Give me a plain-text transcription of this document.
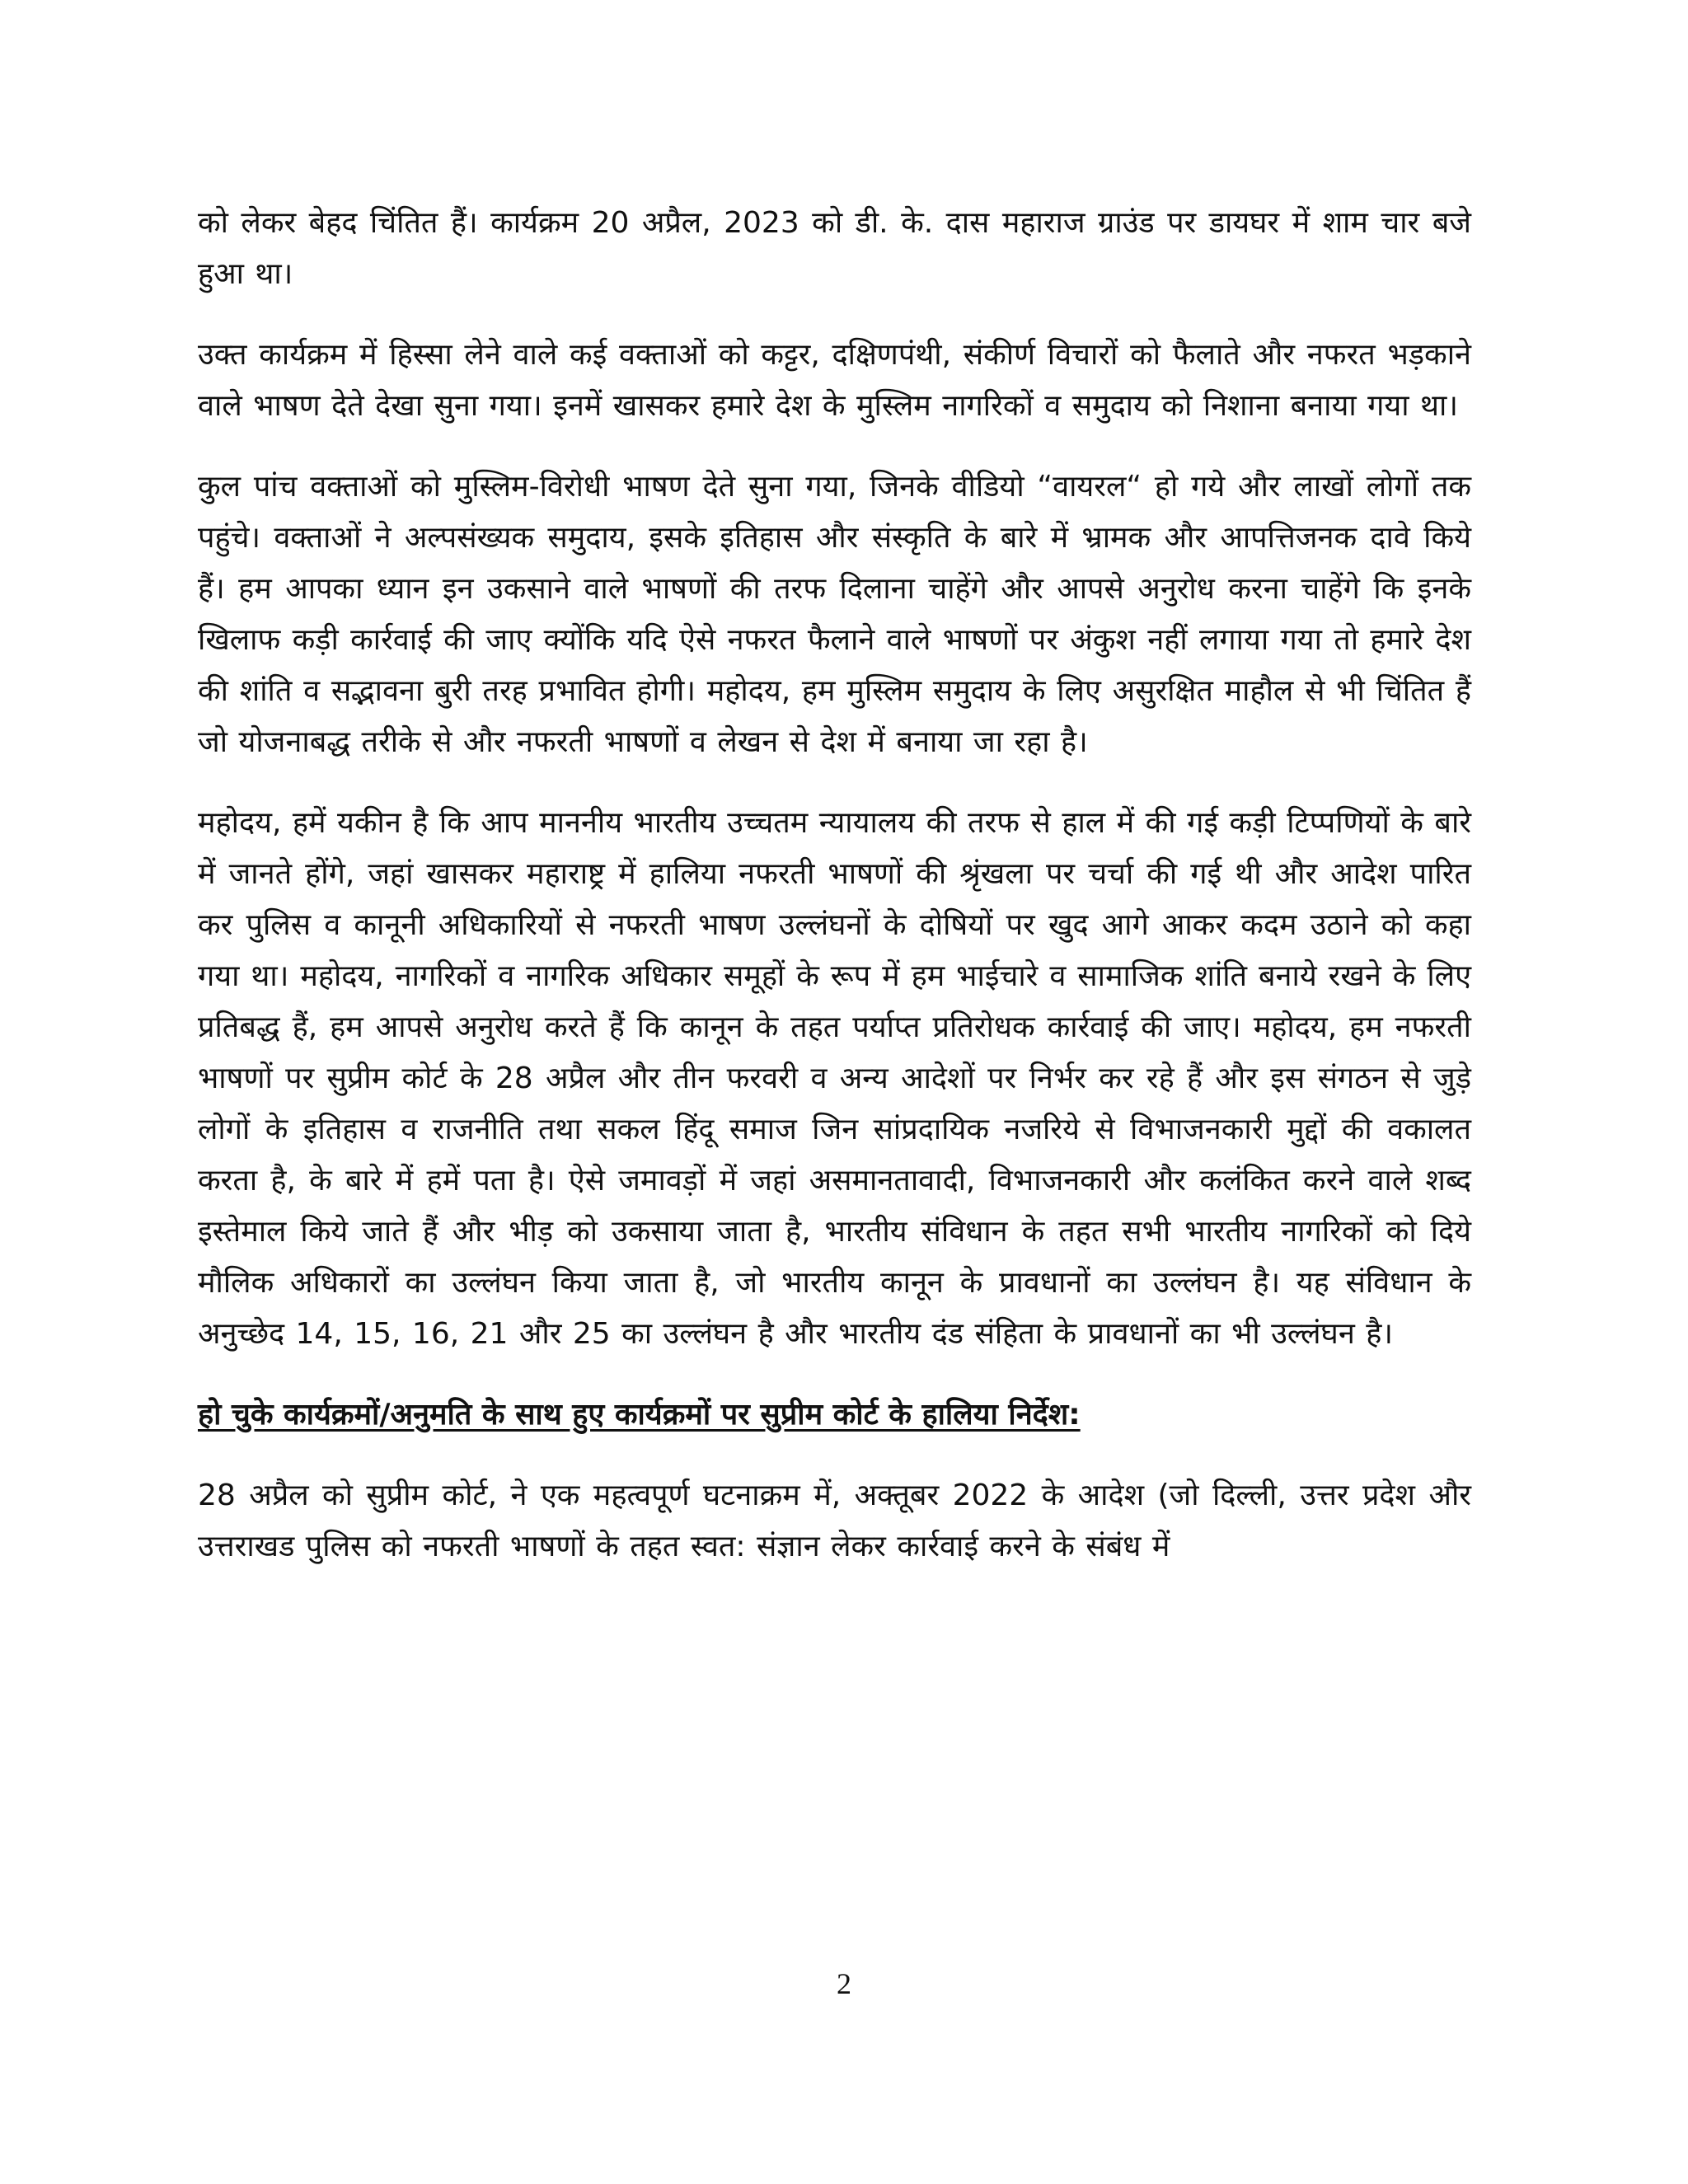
को लेकर बेहद चिंतित हैं। कार्यक्रम 20 अप्रैल, 2023 को डी. के. दास महाराज ग्राउंड पर डायघर में शाम चार बजे हुआ था।

उक्त कार्यक्रम में हिस्सा लेने वाले कई वक्ताओं को कट्टर, दक्षिणपंथी, संकीर्ण विचारों को फैलाते और नफरत भड़काने वाले भाषण देते देखा सुना गया। इनमें खासकर हमारे देश के मुस्लिम नागरिकों व समुदाय को निशाना बनाया गया था।

कुल पांच वक्ताओं को मुस्लिम-विरोधी भाषण देते सुना गया, जिनके वीडियो “वायरल“ हो गये और लाखों लोगों तक पहुंचे। वक्ताओं ने अल्पसंख्यक समुदाय, इसके इतिहास और संस्कृति के बारे में भ्रामक और आपत्तिजनक दावे किये हैं। हम आपका ध्यान इन उकसाने वाले भाषणों की तरफ दिलाना चाहेंगे और आपसे अनुरोध करना चाहेंगे कि इनके खिलाफ कड़ी कार्रवाई की जाए क्योंकि यदि ऐसे नफरत फैलाने वाले भाषणों पर अंकुश नहीं लगाया गया तो हमारे देश की शांति व सद्भावना बुरी तरह प्रभावित होगी। महोदय, हम मुस्लिम समुदाय के लिए असुरक्षित माहौल से भी चिंतित हैं जो योजनाबद्ध तरीके से और नफरती भाषणों व लेखन से देश में बनाया जा रहा है।

महोदय, हमें यकीन है कि आप माननीय भारतीय उच्चतम न्यायालय की तरफ से हाल में की गई कड़ी टिप्पणियों के बारे में जानते होंगे, जहां खासकर महाराष्ट्र में हालिया नफरती भाषणों की श्रृंखला पर चर्चा की गई थी और आदेश पारित कर पुलिस व कानूनी अधिकारियों से नफरती भाषण उल्लंघनों के दोषियों पर खुद आगे आकर कदम उठाने को कहा गया था। महोदय, नागरिकों व नागरिक अधिकार समूहों के रूप में हम भाईचारे व सामाजिक शांति बनाये रखने के लिए प्रतिबद्ध हैं, हम आपसे अनुरोध करते हैं कि कानून के तहत पर्याप्त प्रतिरोधक कार्रवाई की जाए। महोदय, हम नफरती भाषणों पर सुप्रीम कोर्ट के 28 अप्रैल और तीन फरवरी व अन्य आदेशों पर निर्भर कर रहे हैं और इस संगठन से जुड़े लोगों के इतिहास व राजनीति तथा सकल हिंदू समाज जिन सांप्रदायिक नजरिये से विभाजनकारी मुद्दों की वकालत करता है, के बारे में हमें पता है। ऐसे जमावड़ों में जहां असमानतावादी, विभाजनकारी और कलंकित करने वाले शब्द इस्तेमाल किये जाते हैं और भीड़ को उकसाया जाता है, भारतीय संविधान के तहत सभी भारतीय नागरिकों को दिये मौलिक अधिकारों का उल्लंघन किया जाता है, जो भारतीय कानून के प्रावधानों का उल्लंघन है। यह संविधान के अनुच्छेद 14, 15, 16, 21 और 25 का उल्लंघन है और भारतीय दंड संहिता के प्रावधानों का भी उल्लंघन है।

हो चुके कार्यक्रमों/अनुमति के साथ हुए कार्यक्रमों पर सुप्रीम कोर्ट के हालिया निर्देश:

28 अप्रैल को सुप्रीम कोर्ट, ने एक महत्वपूर्ण घटनाक्रम में, अक्तूबर 2022 के आदेश (जो दिल्ली, उत्तर प्रदेश और उत्तराखड पुलिस को नफरती भाषणों के तहत स्वत: संज्ञान लेकर कार्रवाई करने के संबंध में

2
